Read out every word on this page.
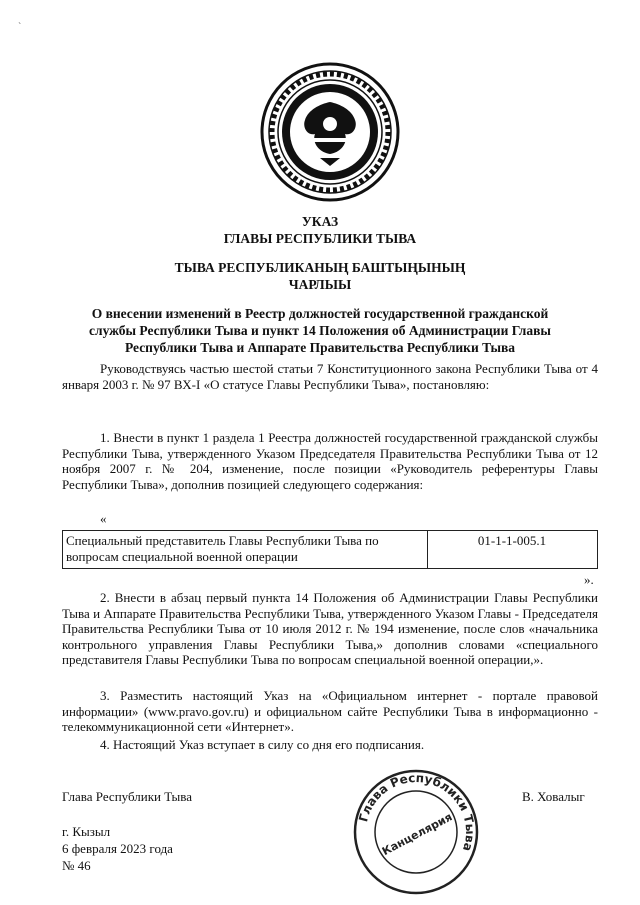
`
УКАЗ
ГЛАВЫ РЕСПУБЛИКИ ТЫВА
ТЫВА РЕСПУБЛИКАНЫҢ БАШТЫҢЫНЫҢ
ЧАРЛЫЫ
О внесении изменений в Реестр должностей государственной гражданской
службы Республики Тыва и пункт 14 Положения об Администрации Главы
Республики Тыва и Аппарате Правительства Республики Тыва
Руководствуясь частью шестой статьи 7 Конституционного закона Республики Тыва от 4 января 2003 г. № 97 ВХ-I «О статусе Главы Республики Тыва», постановляю:
1. Внести в пункт 1 раздела 1 Реестра должностей государственной гражданской службы Республики Тыва, утвержденного Указом Председателя Правительства Республики Тыва от 12 ноября 2007 г. № 204, изменение, после позиции «Руководитель референтуры Главы Республики Тыва», дополнив позицией следующего содержания:
«
Специальный представитель Главы Республики Тыва по вопросам специальной военной операции	01-1-1-005.1
».
2. Внести в абзац первый пункта 14 Положения об Администрации Главы Республики Тыва и Аппарате Правительства Республики Тыва, утвержденного Указом Главы - Председателя Правительства Республики Тыва от 10 июля 2012 г. № 194 изменение, после слов «начальника контрольного управления Главы Республики Тыва,» дополнив словами «специального представителя Главы Республики Тыва по вопросам специальной военной операции,».
3. Разместить настоящий Указ на «Официальном интернет - портале правовой информации» (www.pravo.gov.ru) и официальном сайте Республики Тыва в информационно - телекоммуникационной сети «Интернет».
4. Настоящий Указ вступает в силу со дня его подписания.
Глава Республики Тыва	В. Ховалыг
Глава Республики Тыва
Канцелярия
г. Кызыл
6 февраля 2023 года
№ 46
